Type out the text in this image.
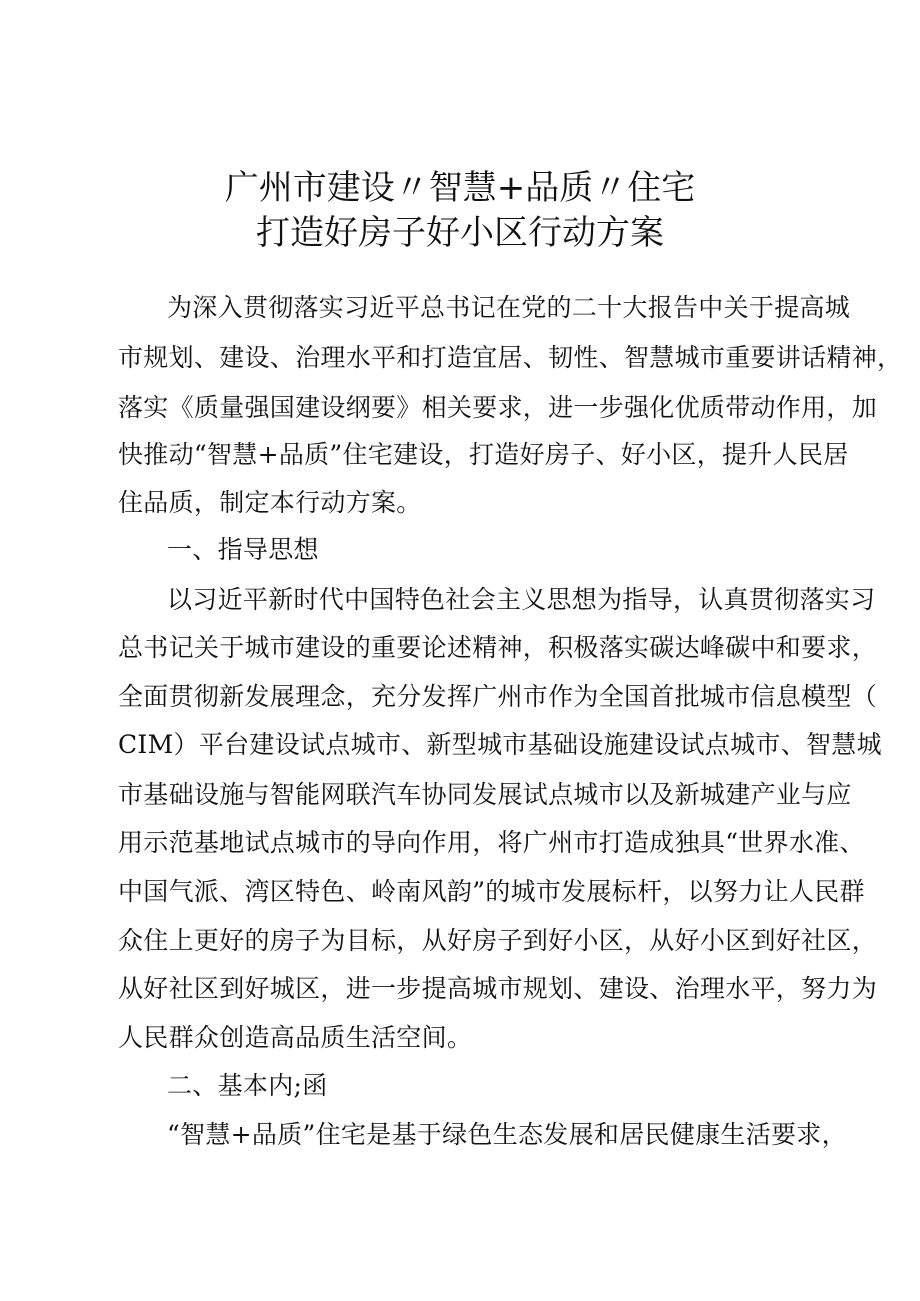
广州市建设〃智慧+品质〃住宅
打造好房子好小区行动方案
为深入贯彻落实习近平总书记在党的二十大报告中关于提高城
市规划、建设、治理水平和打造宜居、韧性、智慧城市重要讲话精神，
落实《质量强国建设纲要》相关要求，进一步强化优质带动作用，加
快推动“智慧+品质”住宅建设，打造好房子、好小区，提升人民居
住品质，制定本行动方案。
一、指导思想
以习近平新时代中国特色社会主义思想为指导，认真贯彻落实习
总书记关于城市建设的重要论述精神，积极落实碳达峰碳中和要求，
全面贯彻新发展理念，充分发挥广州市作为全国首批城市信息模型（
CIM）平台建设试点城市、新型城市基础设施建设试点城市、智慧城
市基础设施与智能网联汽车协同发展试点城市以及新城建产业与应
用示范基地试点城市的导向作用，将广州市打造成独具“世界水准、
中国气派、湾区特色、岭南风韵”的城市发展标杆，以努力让人民群
众住上更好的房子为目标，从好房子到好小区，从好小区到好社区，
从好社区到好城区，进一步提高城市规划、建设、治理水平，努力为
人民群众创造高品质生活空间。
二、基本内;函
“智慧+品质”住宅是基于绿色生态发展和居民健康生活要求，
